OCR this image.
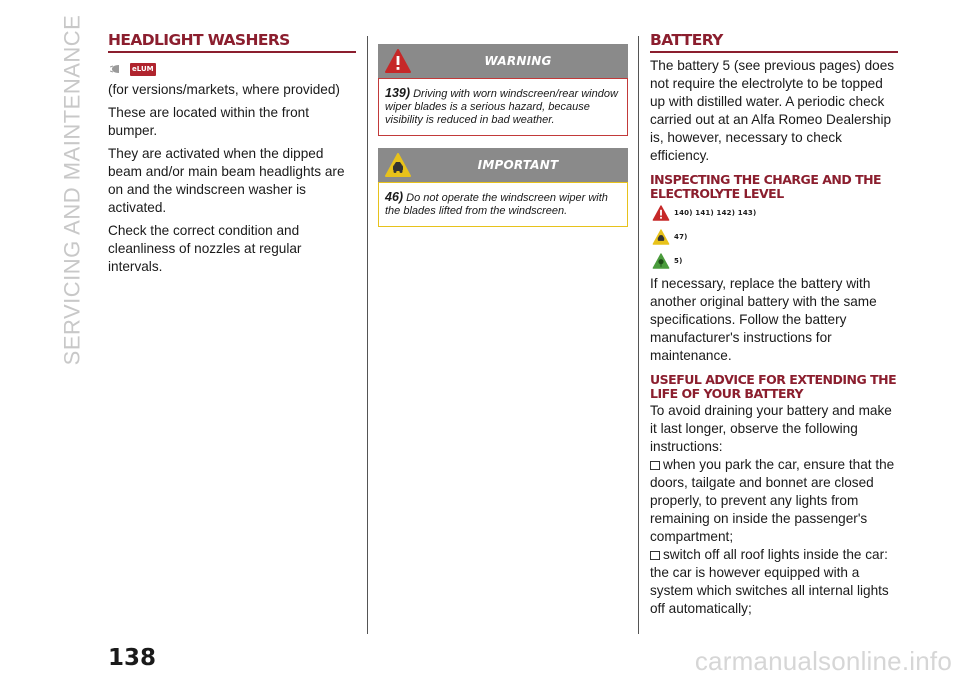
SERVICING AND MAINTENANCE HEADLIGHT WASHERS
eLUM

(for versions/markets, where provided)

These are located within the front bumper.

They are activated when the dipped beam and/or main beam headlights are on and the windscreen washer is activated.

Check the correct condition and cleanliness of nozzles at regular intervals.

WARNING
139) Driving with worn windscreen/rear window wiper blades is a serious hazard, because visibility is reduced in bad weather.
IMPORTANT
46) Do not operate the windscreen wiper with the blades lifted from the windscreen.
BATTERY

The battery 5 (see previous pages) does not require the electrolyte to be topped up with distilled water. A periodic check carried out at an Alfa Romeo Dealership is, however, necessary to check efficiency.

INSPECTING THE CHARGE AND THE ELECTROLYTE LEVEL
140) 141) 142) 143)
47)
5)

If necessary, replace the battery with another original battery with the same specifications. Follow the battery manufacturer's instructions for maintenance.

USEFUL ADVICE FOR EXTENDING THE LIFE OF YOUR BATTERY

To avoid draining your battery and make it last longer, observe the following instructions:

when you park the car, ensure that the doors, tailgate and bonnet are closed properly, to prevent any lights from remaining on inside the passenger's compartment;

switch off all roof lights inside the car: the car is however equipped with a system which switches all internal lights off automatically;

138	carmanualsonline.info
